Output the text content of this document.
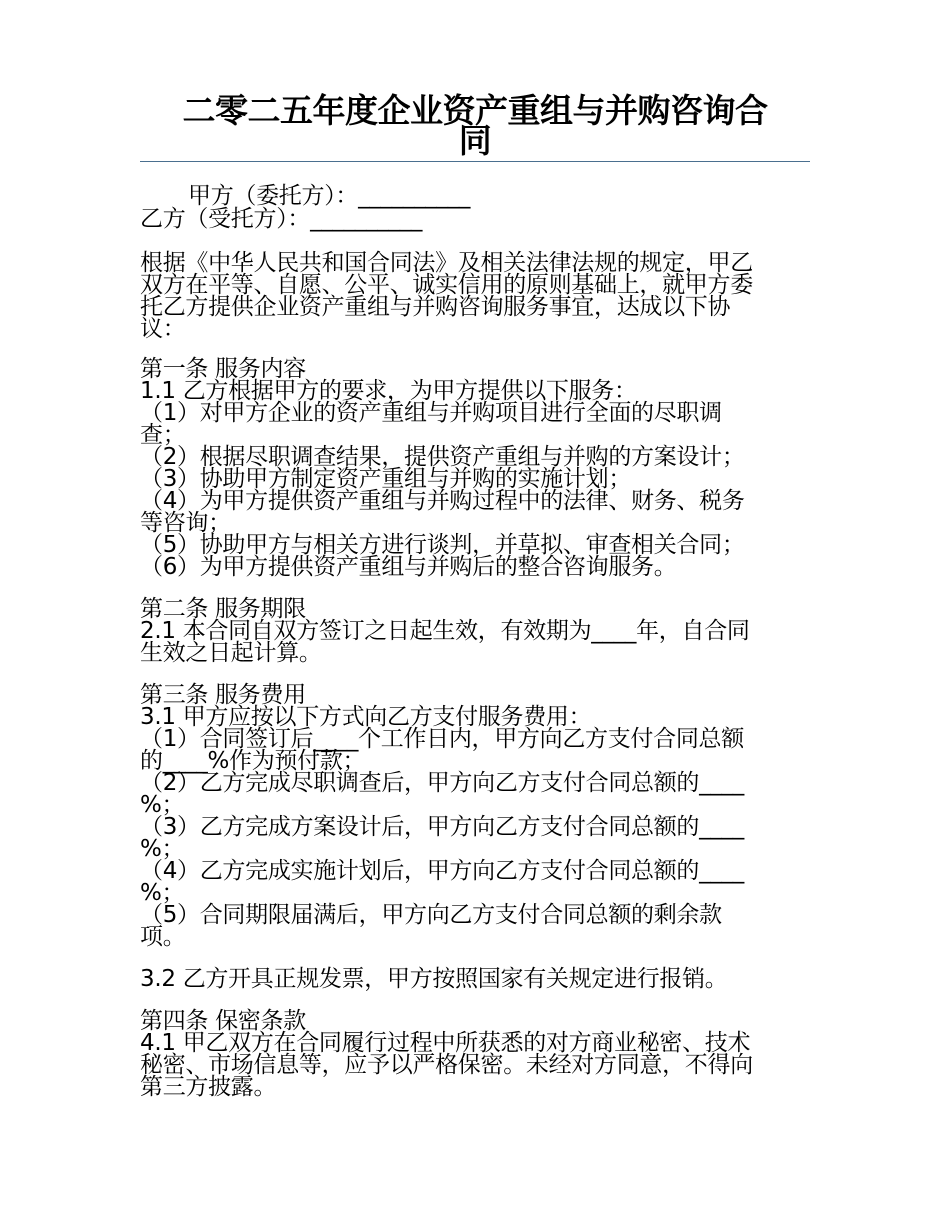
二零二五年度企业资产重组与并购咨询合
同
甲方（委托方）：__________
乙方（受托方）：__________
根据《中华人民共和国合同法》及相关法律法规的规定，甲乙
双方在平等、自愿、公平、诚实信用的原则基础上，就甲方委
托乙方提供企业资产重组与并购咨询服务事宜，达成以下协
议：
第一条 服务内容
1.1 乙方根据甲方的要求，为甲方提供以下服务：
（1）对甲方企业的资产重组与并购项目进行全面的尽职调
查；
（2）根据尽职调查结果，提供资产重组与并购的方案设计；
（3）协助甲方制定资产重组与并购的实施计划；
（4）为甲方提供资产重组与并购过程中的法律、财务、税务
等咨询；
（5）协助甲方与相关方进行谈判，并草拟、审查相关合同；
（6）为甲方提供资产重组与并购后的整合咨询服务。
第二条 服务期限
2.1 本合同自双方签订之日起生效，有效期为____年，自合同
生效之日起计算。
第三条 服务费用
3.1 甲方应按以下方式向乙方支付服务费用：
（1）合同签订后____个工作日内，甲方向乙方支付合同总额
的____%作为预付款；
（2）乙方完成尽职调查后，甲方向乙方支付合同总额的____
%；
（3）乙方完成方案设计后，甲方向乙方支付合同总额的____
%；
（4）乙方完成实施计划后，甲方向乙方支付合同总额的____
%；
（5）合同期限届满后，甲方向乙方支付合同总额的剩余款
项。
3.2 乙方开具正规发票，甲方按照国家有关规定进行报销。
第四条 保密条款
4.1 甲乙双方在合同履行过程中所获悉的对方商业秘密、技术
秘密、市场信息等，应予以严格保密。未经对方同意，不得向
第三方披露。
